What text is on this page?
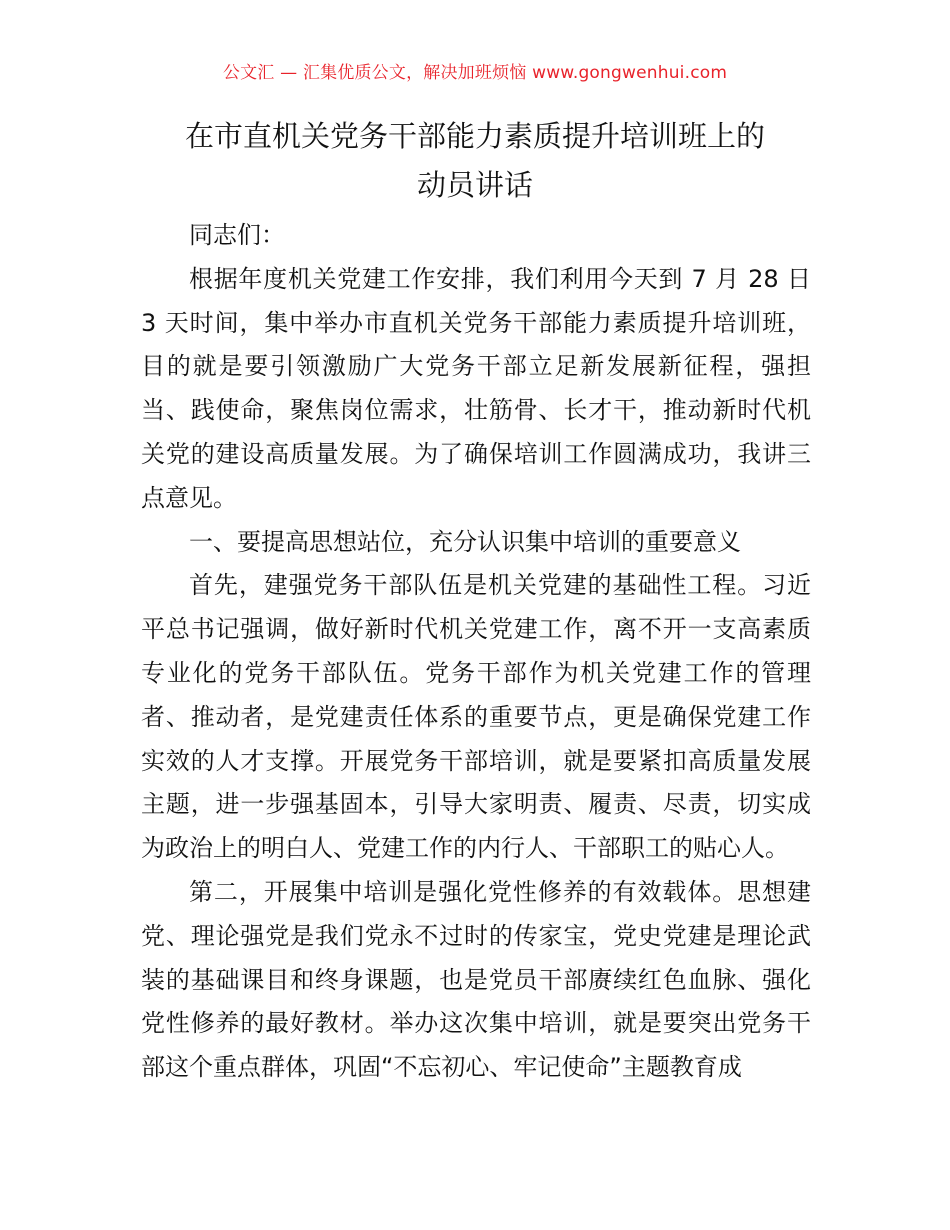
公文汇 — 汇集优质公文，解决加班烦恼 www.gongwenhui.com
在市直机关党务干部能力素质提升培训班上的
动员讲话

同志们：

根据年度机关党建工作安排，我们利用今天到 7 月 28 日 3 天时间，集中举办市直机关党务干部能力素质提升培训班，目的就是要引领激励广大党务干部立足新发展新征程，强担当、践使命，聚焦岗位需求，壮筋骨、长才干，推动新时代机关党的建设高质量发展。为了确保培训工作圆满成功，我讲三点意见。

一、要提高思想站位，充分认识集中培训的重要意义

首先，建强党务干部队伍是机关党建的基础性工程。习近平总书记强调，做好新时代机关党建工作，离不开一支高素质专业化的党务干部队伍。党务干部作为机关党建工作的管理者、推动者，是党建责任体系的重要节点，更是确保党建工作实效的人才支撑。开展党务干部培训，就是要紧扣高质量发展主题，进一步强基固本，引导大家明责、履责、尽责，切实成为政治上的明白人、党建工作的内行人、干部职工的贴心人。

第二，开展集中培训是强化党性修养的有效载体。思想建党、理论强党是我们党永不过时的传家宝，党史党建是理论武装的基础课目和终身课题，也是党员干部赓续红色血脉、强化党性修养的最好教材。举办这次集中培训，就是要突出党务干部这个重点群体，巩固“不忘初心、牢记使命”主题教育成
